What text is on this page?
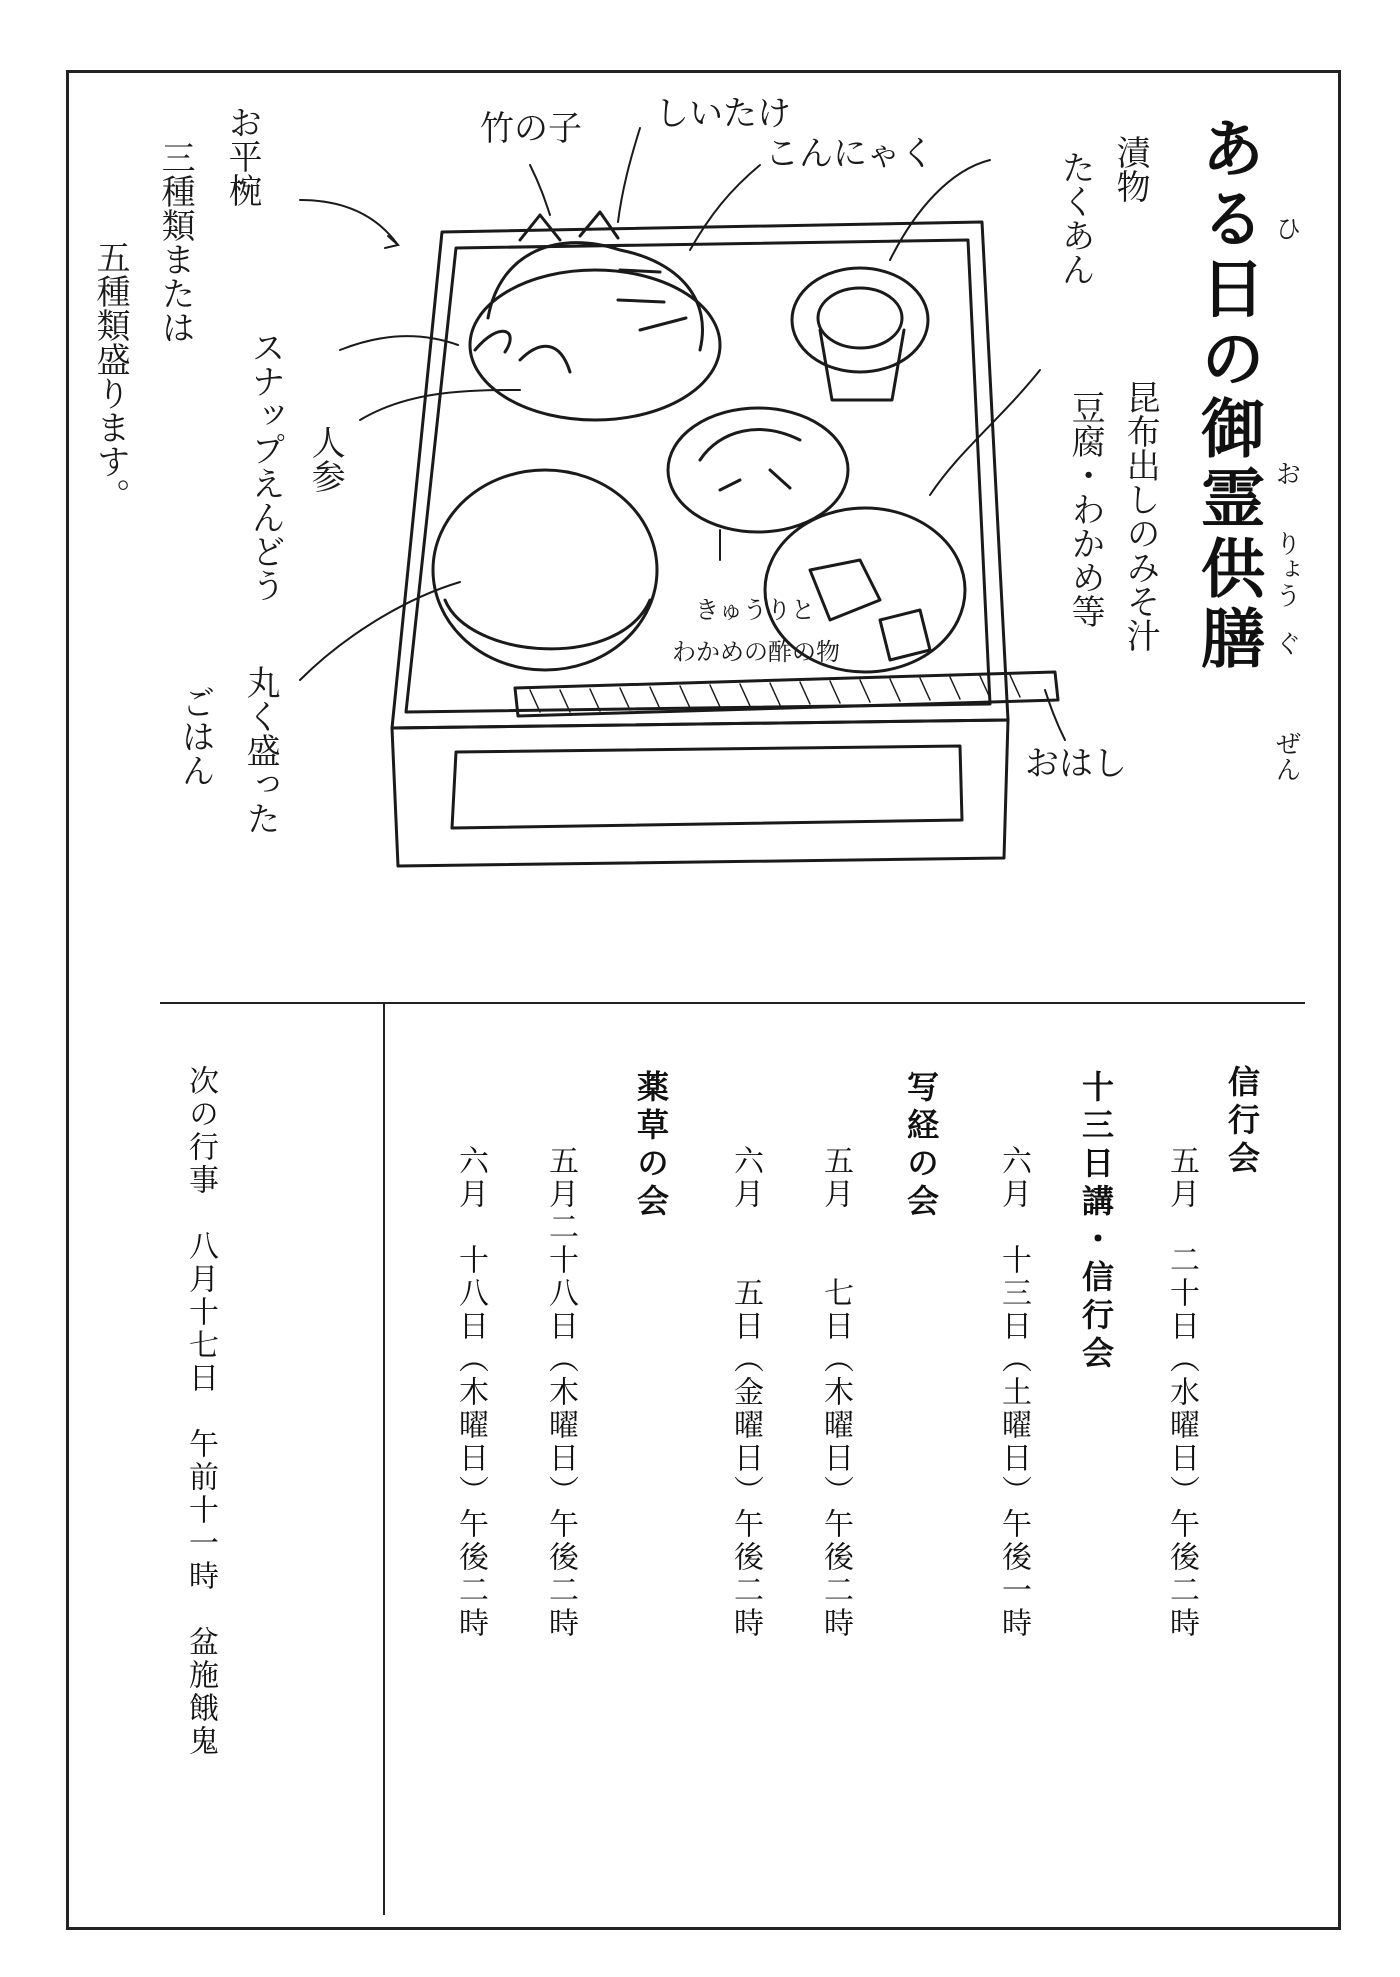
ある日の御霊供膳
ひ
お
りょう
ぐ
ぜん
お平椀
三種類または
五種類盛ります。
竹の子 しいたけ
こんにゃく	漬物
たくあん
スナップえんどう 人参	昆布出しのみそ汁
豆腐・わかめ等
きゅうりと
わかめの酢の物
丸く盛った
ごはん	おはし
信行会
五月　二十日（水曜日）午後二時
十三日講・信行会
六月　十三日（土曜日）午後一時
写経の会
五月　　七日（木曜日）午後二時
六月　　五日（金曜日）午後二時
薬草の会
五月二十八日（木曜日）午後二時
六月　十八日（木曜日）午後二時
次の行事　八月十七日　午前十一時　盆施餓鬼
